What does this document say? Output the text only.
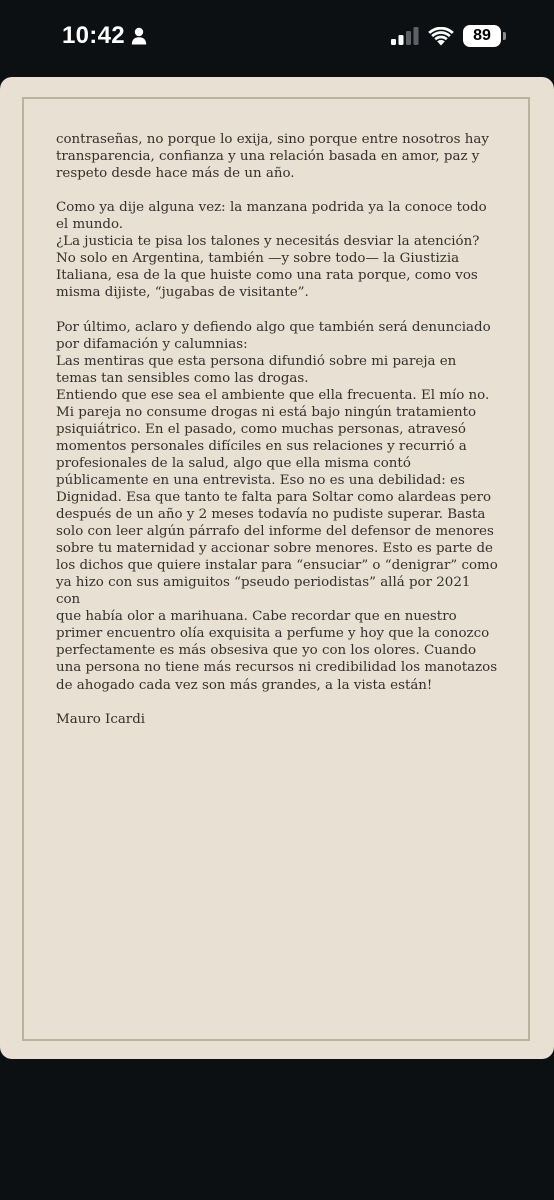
10:42	89

contraseñas, no porque lo exija, sino porque entre nosotros hay
transparencia, confianza y una relación basada en amor, paz y
respeto desde hace más de un año.

Como ya dije alguna vez: la manzana podrida ya la conoce todo
el mundo.
¿La justicia te pisa los talones y necesitás desviar la atención?
No solo en Argentina, también —y sobre todo— la Giustizia
Italiana, esa de la que huiste como una rata porque, como vos
misma dijiste, “jugabas de visitante”.

Por último, aclaro y defiendo algo que también será denunciado
por difamación y calumnias:
Las mentiras que esta persona difundió sobre mi pareja en
temas tan sensibles como las drogas.
Entiendo que ese sea el ambiente que ella frecuenta. El mío no.
Mi pareja no consume drogas ni está bajo ningún tratamiento
psiquiátrico. En el pasado, como muchas personas, atravesó
momentos personales difíciles en sus relaciones y recurrió a
profesionales de la salud, algo que ella misma contó
públicamente en una entrevista. Eso no es una debilidad: es
Dignidad. Esa que tanto te falta para Soltar como alardeas pero
después de un año y 2 meses todavía no pudiste superar. Basta
solo con leer algún párrafo del informe del defensor de menores
sobre tu maternidad y accionar sobre menores. Esto es parte de
los dichos que quiere instalar para “ensuciar” o “denigrar” como
ya hizo con sus amiguitos “pseudo periodistas” allá por 2021 con
que había olor a marihuana. Cabe recordar que en nuestro
primer encuentro olía exquisita a perfume y hoy que la conozco
perfectamente es más obsesiva que yo con los olores. Cuando
una persona no tiene más recursos ni credibilidad los manotazos
de ahogado cada vez son más grandes, a la vista están!

Mauro Icardi
